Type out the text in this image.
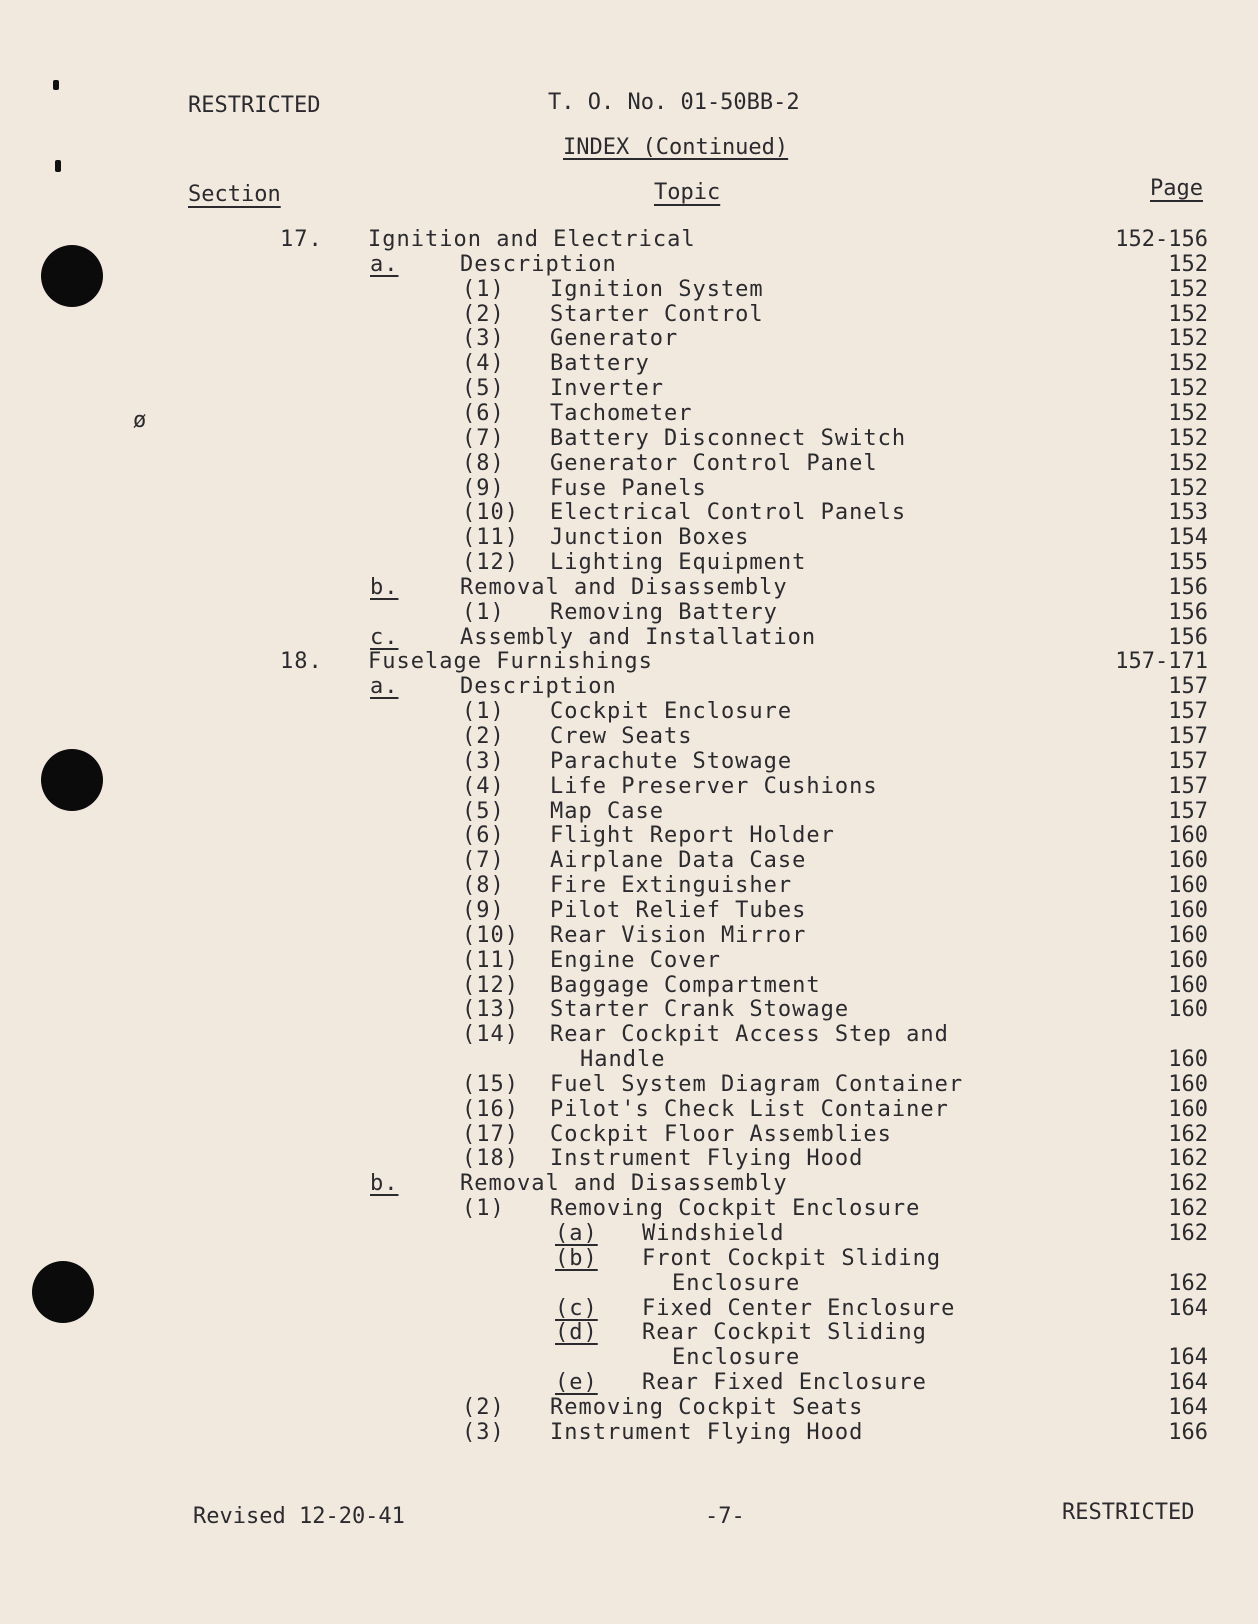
RESTRICTED	T. O. No. 01-50BB-2
INDEX (Continued)
Section	Topic	Page
ø
17. Ignition and Electrical	152-156
a.	Description	152
(1) Ignition System	152
(2) Starter Control	152
(3) Generator	152
(4) Battery	152
(5) Inverter	152
(6) Tachometer	152
(7) Battery Disconnect Switch	152
(8) Generator Control Panel	152
(9) Fuse Panels	152
(10) Electrical Control Panels	153
(11) Junction Boxes	154
(12) Lighting Equipment	155
b.	Removal and Disassembly	156
(1) Removing Battery	156
c.	Assembly and Installation	156
18. Fuselage Furnishings	157-171
a.	Description	157
(1) Cockpit Enclosure	157
(2) Crew Seats	157
(3) Parachute Stowage	157
(4) Life Preserver Cushions	157
(5) Map Case	157
(6) Flight Report Holder	160
(7) Airplane Data Case	160
(8) Fire Extinguisher	160
(9) Pilot Relief Tubes	160
(10) Rear Vision Mirror	160
(11) Engine Cover	160
(12) Baggage Compartment	160
(13) Starter Crank Stowage	160
(14) Rear Cockpit Access Step and
Handle	160
(15) Fuel System Diagram Container	160
(16) Pilot's Check List Container	160
(17) Cockpit Floor Assemblies	162
(18) Instrument Flying Hood	162
b.	Removal and Disassembly	162
(1) Removing Cockpit Enclosure	162
(a) Windshield	162
(b) Front Cockpit Sliding
Enclosure	162
(c) Fixed Center Enclosure	164
(d) Rear Cockpit Sliding
Enclosure	164
(e) Rear Fixed Enclosure	164
(2) Removing Cockpit Seats	164
(3) Instrument Flying Hood	166
Revised 12-20-41	-7-	RESTRICTED
